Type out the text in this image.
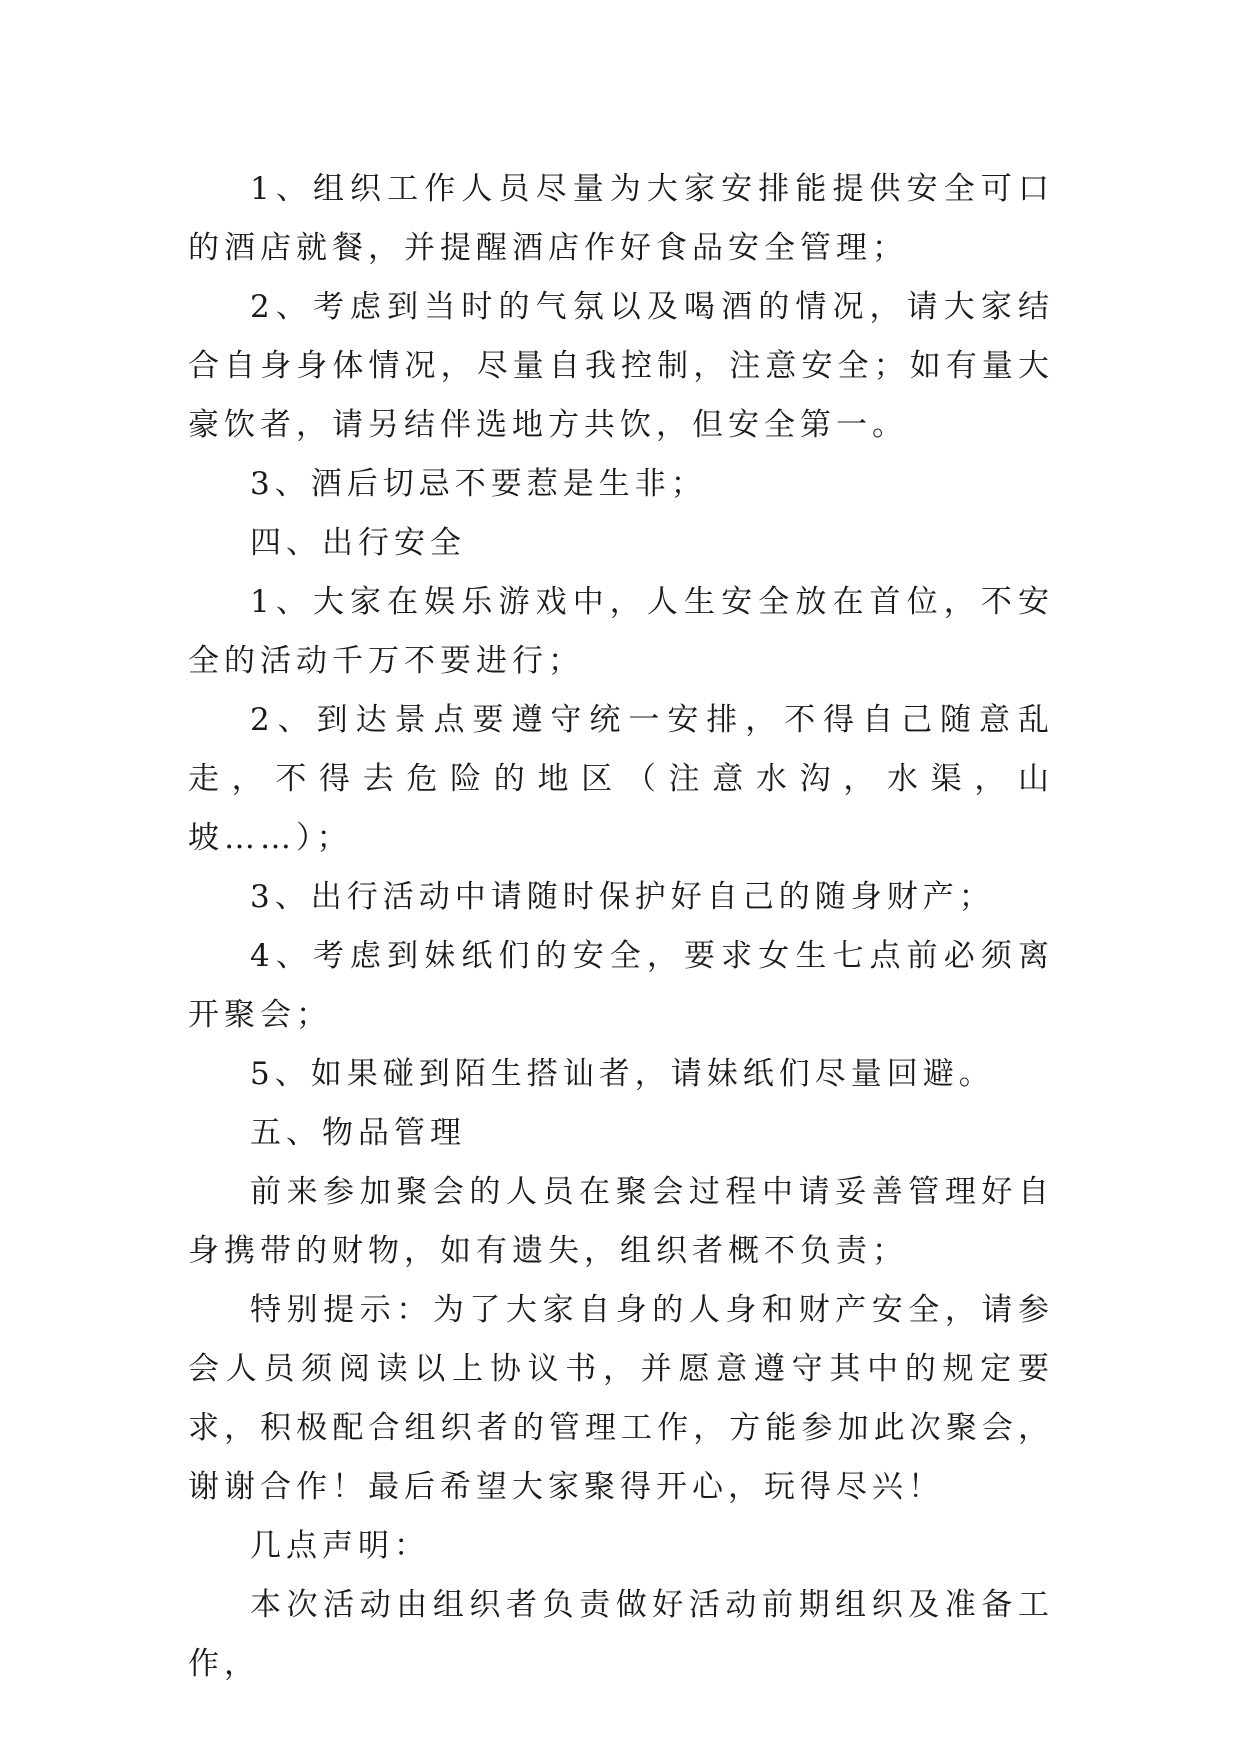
1、组织工作人员尽量为大家安排能提供安全可口的酒店就餐，并提醒酒店作好食品安全管理；

2、考虑到当时的气氛以及喝酒的情况，请大家结合自身身体情况，尽量自我控制，注意安全；如有量大豪饮者，请另结伴选地方共饮，但安全第一。

3、酒后切忌不要惹是生非；

四、出行安全

1、大家在娱乐游戏中，人生安全放在首位，不安全的活动千万不要进行；

2、到达景点要遵守统一安排，不得自己随意乱走，不得去危险的地区（注意水沟，水渠，山坡……）；

3、出行活动中请随时保护好自己的随身财产；

4、考虑到妹纸们的安全，要求女生七点前必须离开聚会；

5、如果碰到陌生搭讪者，请妹纸们尽量回避。

五、物品管理

前来参加聚会的人员在聚会过程中请妥善管理好自身携带的财物，如有遗失，组织者概不负责；

特别提示：为了大家自身的人身和财产安全，请参会人员须阅读以上协议书，并愿意遵守其中的规定要求，积极配合组织者的管理工作，方能参加此次聚会，谢谢合作！最后希望大家聚得开心，玩得尽兴！

几点声明：

本次活动由组织者负责做好活动前期组织及准备工作，
